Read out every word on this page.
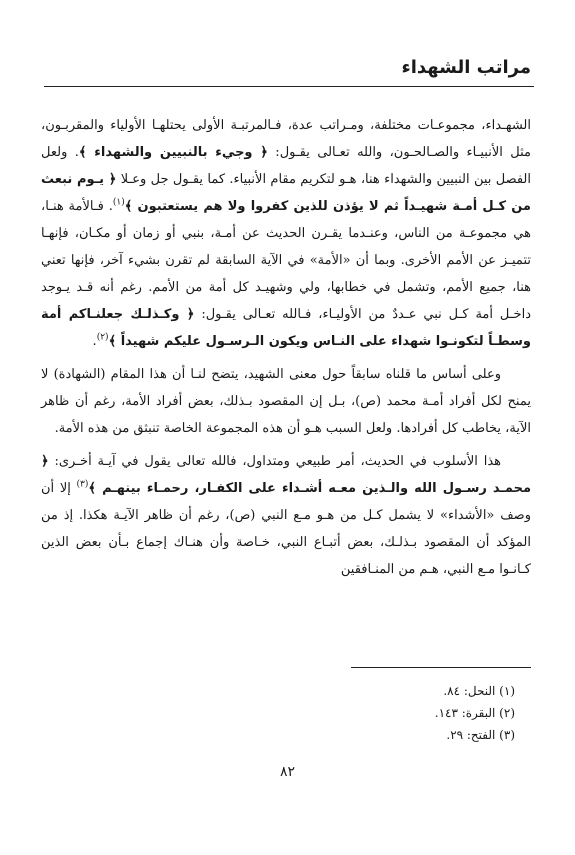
مراتب الشهداء

الشهـداء، مجموعـات مختلفة، ومـراتب عدة، فـالمرتبـة الأولى يحتلهـا الأولياء والمقربـون، مثل الأنبيـاء والصـالحـون، والله تعـالى يقـول: ﴿ وجيء بالنبيين والشهداء ﴾. ولعل الفصل بين النبيين والشهداء هنا، هـو لتكريم مقام الأنبياء. كما يقـول جل وعـلا ﴿ يـوم نبعث من كـل أمـة شهيـداً ثم لا يؤذن للذين كفروا ولا هم يستعتبون ﴾$^{(١)}$. فـالأمة هنـا، هي مجموعـة من الناس، وعنـدما يقـرن الحديث عن أمـة، بنبي أو زمان أو مكـان، فإنهـا تتميـز عن الأمم الأخرى. وبما أن «الأمة» في الآية السابقة لم تقرن بشيء آخر، فإنها تعني هنا، جميع الأمم، وتشمل في خطابها، ولي وشهيـد كل أمة من الأمم. رغم أنه قـد يـوجد داخـل أمة كـل نبي عـددٌ من الأوليـاء، فـالله تعـالى يقـول: ﴿ وكـذلـك جعلنـاكم أمة وسطـاً لتكونـوا شهداء على النـاس ويكون الـرسـول عليكم شهيداً ﴾$^{(٢)}$.

وعلى أساس ما قلناه سابقاً حول معنى الشهيد، يتضح لنـا أن هذا المقام (الشهادة) لا يمنح لكل أفراد أمـة محمد (ص)، بـل إن المقصود بـذلك، بعض أفراد الأمة، رغم أن ظاهر الآية، يخاطب كل أفرادها. ولعل السبب هـو أن هذه المجموعة الخاصة تنبثق من هذه الأمة.

هذا الأسلوب في الحديث، أمر طبيعي ومتداول، فالله تعالى يقول في آيـة أخـرى: ﴿ محمـد رسـول الله والـذين معـه أشـداء على الكفـار، رحمـاء بينهـم ﴾$^{(٣)}$ إلا أن وصف «الأشداء» لا يشمل كـل من هـو مـع النبي (ص)، رغم أن ظاهر الآيـة هكذا. إذ من المؤكد أن المقصود بـذلـك، بعض أتبـاع النبي، خـاصة وأن هنـاك إجماع بـأن بعض الذين كـانـوا مـع النبي، هـم من المنـافقين

(١) النحل: ٨٤.
(٢) البقرة: ١٤٣.
(٣) الفتح: ٢٩.
٨٢
